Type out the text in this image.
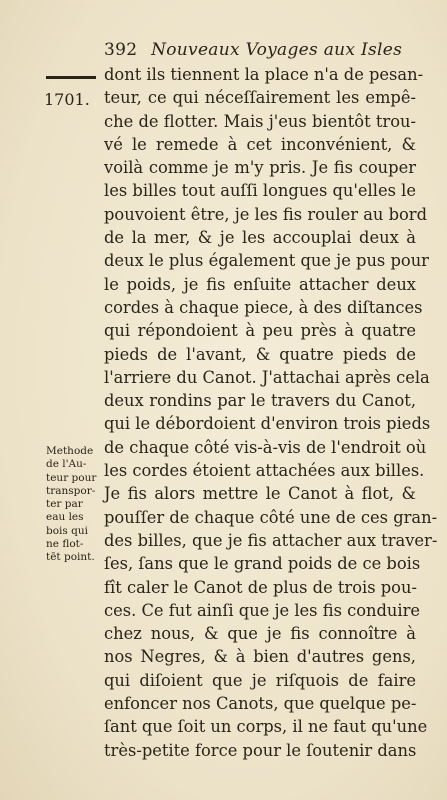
392 Nouveaux Voyages aux Isles
1701.
dont ils tiennent la place n'a de pesan-
teur, ce qui néceſſairement les empê-
che de flotter. Mais j'eus bientôt trou-
vé le remede à cet inconvénient, &
voilà comme je m'y pris. Je fis couper
les billes tout auſſi longues qu'elles le
pouvoient être, je les fis rouler au bord
de la mer, & je les accouplai deux à
deux le plus également que je pus pour
le poids, je fis enſuite attacher deux
cordes à chaque piece, à des diſtances
qui répondoient à peu près à quatre
pieds de l'avant, & quatre pieds de
l'arriere du Canot. J'attachai après cela
deux rondins par le travers du Canot,
qui le débordoient d'environ trois pieds
de chaque côté vis-à-vis de l'endroit où
les cordes étoient attachées aux billes.
Je fis alors mettre le Canot à flot, &
pouſſer de chaque côté une de ces gran-
des billes, que je fis attacher aux traver-
ſes, ſans que le grand poids de ce bois
fît caler le Canot de plus de trois pou-
ces. Ce fut ainſi que je les fis conduire
chez nous, & que je fis connoître à
nos Negres, & à bien d'autres gens,
qui diſoient que je riſquois de faire
enfoncer nos Canots, que quelque pe-
ſant que ſoit un corps, il ne faut qu'une
très-petite force pour le ſoutenir dans
Methode
de l'Au-
teur pour
transpor-
ter par
eau les
bois qui
ne flot-
tēt point.
